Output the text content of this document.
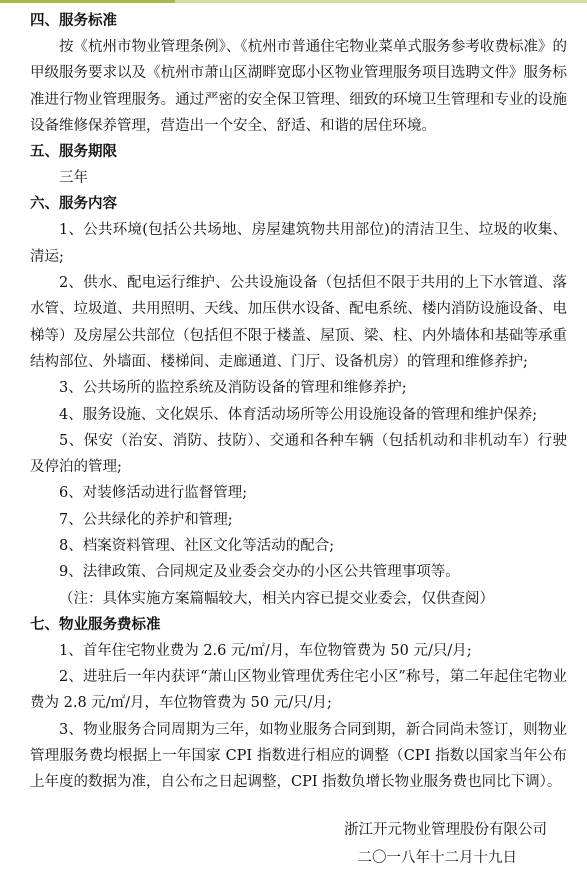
四、服务标准
按《杭州市物业管理条例》、《杭州市普通住宅物业菜单式服务参考收费标准》的甲级服务要求以及《杭州市萧山区湖畔宽邸小区物业管理服务项目选聘文件》服务标准进行物业管理服务。通过严密的安全保卫管理、细致的环境卫生管理和专业的设施设备维修保养管理，营造出一个安全、舒适、和谐的居住环境。
五、服务期限
三年
六、服务内容
1、公共环境(包括公共场地、房屋建筑物共用部位)的清洁卫生、垃圾的收集、清运;
2、供水、配电运行维护、公共设施设备（包括但不限于共用的上下水管道、落水管、垃圾道、共用照明、天线、加压供水设备、配电系统、楼内消防设施设备、电梯等）及房屋公共部位（包括但不限于楼盖、屋顶、梁、柱、内外墙体和基础等承重结构部位、外墙面、楼梯间、走廊通道、门厅、设备机房）的管理和维修养护;
3、公共场所的监控系统及消防设备的管理和维修养护;
4、服务设施、文化娱乐、体育活动场所等公用设施设备的管理和维护保养;
5、保安（治安、消防、技防）、交通和各种车辆（包括机动和非机动车）行驶及停泊的管理;
6、对装修活动进行监督管理;
7、公共绿化的养护和管理;
8、档案资料管理、社区文化等活动的配合;
9、法律政策、合同规定及业委会交办的小区公共管理事项等。
（注：具体实施方案篇幅较大，相关内容已提交业委会，仅供查阅）
七、物业服务费标准
1、首年住宅物业费为 2.6 元/㎡/月，车位物管费为 50 元/只/月;
2、进驻后一年内获评“萧山区物业管理优秀住宅小区”称号，第二年起住宅物业费为 2.8 元/㎡/月，车位物管费为 50 元/只/月;
3、物业服务合同周期为三年，如物业服务合同到期，新合同尚未签订，则物业管理服务费均根据上一年国家 CPI 指数进行相应的调整（CPI 指数以国家当年公布上年度的数据为准，自公布之日起调整，CPI 指数负增长物业服务费也同比下调）。
浙江开元物业管理股份有限公司
二〇一八年十二月十九日
